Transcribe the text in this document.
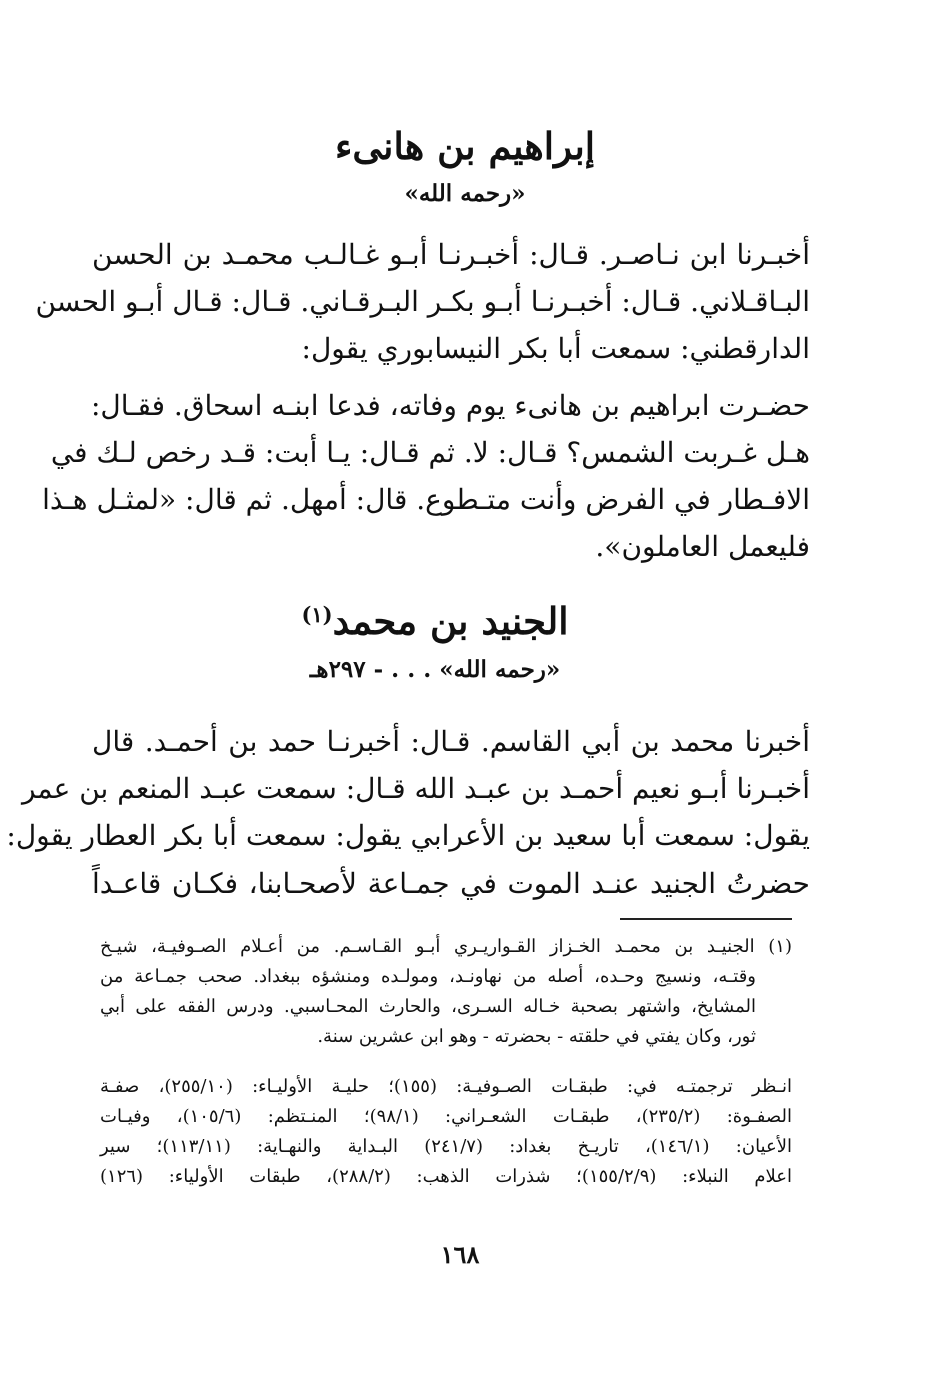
إبراهيم بن هانىء
«رحمه الله»
أخبـرنا ابن نـاصـر. قـال: أخبـرنـا أبـو غـالـب محمـد بن الحسن
البـاقـلاني. قـال: أخبـرنـا أبـو بكـر البـرقـاني. قـال: قـال أبـو الحسن
الدارقطني: سمعت أبا بكر النيسابوري يقول:
حضـرت ابراهيم بن هانىء يوم وفاته، فدعا ابنـه اسحاق. فقـال:
هـل غـربت الشمس؟ قـال: لا. ثم قـال: يـا أبت: قـد رخص لـك في
الافـطار في الفرض وأنت متـطوع. قال: أمهل. ثم قال: «لمثـل هـذا
فليعمل العاملون».
الجنيد بن محمد$^{(١)}$
«رحمه الله» . . . - ٢٩٧هـ
أخبرنا محمد بن أبي القاسم. قـال: أخبرنـا حمد بن أحمـد. قال
أخبـرنا أبـو نعيم أحمـد بن عبـد الله قـال: سمعت عبـد المنعم بن عمر
يقول: سمعت أبا سعيد بن الأعرابي يقول: سمعت أبا بكر العطار يقول:
حضرتُ الجنيد عنـد الموت في جمـاعة لأصحـابنا، فكـان قاعـداً
(١) الجنيـد بن محمـد الخـزاز القـواريـري أبـو القـاسـم. من أعـلام الصـوفيـة، شيـخ
وقتـه، ونسيج وحـده، أصله من نهاونـد، ومولـده ومنشؤه ببغداد. صحب جمـاعة من
المشايخ، واشتهر بصحبة خـاله السـرى، والحارث المحـاسبي. ودرس الفقه على أبي
ثور، وكان يفتي في حلقته - بحضرته - وهو ابن عشرين سنة.
انـظر ترجمتـه في: طبقـات الصـوفيـة: (١٥٥)؛ حليـة الأوليـاء: (٢٥٥/١٠)، صفـة
الصفـوة: (٢٣٥/٢)، طبقـات الشعـراني: (٩٨/١)؛ المنـتظم: (١٠٥/٦)، وفيـات
الأعيان: (١٤٦/١)، تاريـخ بغداد: (٢٤١/٧) البـداية والنهـاية: (١١٣/١١)؛ سير
اعلام النبلاء: (١٥٥/٢/٩)؛ شذرات الذهب: (٢٨٨/٢)، طبقات الأولياء: (١٢٦)
١٦٨
